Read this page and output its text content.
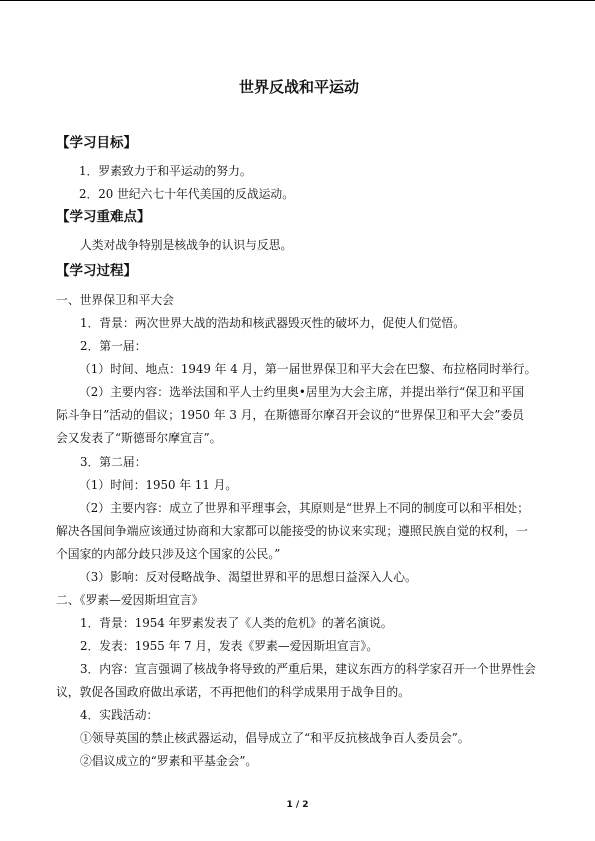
世界反战和平运动
【学习目标】
1．罗素致力于和平运动的努力。
2．20 世纪六七十年代美国的反战运动。
【学习重难点】
人类对战争特别是核战争的认识与反思。
【学习过程】
一、世界保卫和平大会
1．背景：两次世界大战的浩劫和核武器毁灭性的破坏力，促使人们觉悟。
2．第一届：
（1）时间、地点：1949 年 4 月，第一届世界保卫和平大会在巴黎、布拉格同时举行。
（2）主要内容：选举法国和平人士约里奥•居里为大会主席，并提出举行“保卫和平国
际斗争日”活动的倡议；1950 年 3 月，在斯德哥尔摩召开会议的“世界保卫和平大会”委员
会又发表了“斯德哥尔摩宣言”。
3．第二届：
（1）时间：1950 年 11 月。
（2）主要内容：成立了世界和平理事会，其原则是“世界上不同的制度可以和平相处；
解决各国间争端应该通过协商和大家都可以能接受的协议来实现；遵照民族自觉的权利，一
个国家的内部分歧只涉及这个国家的公民。”
（3）影响：反对侵略战争、渴望世界和平的思想日益深入人心。
二、《罗素—爱因斯坦宣言》
1．背景：1954 年罗素发表了《人类的危机》的著名演说。
2．发表：1955 年 7 月，发表《罗素—爱因斯坦宣言》。
3．内容：宣言强调了核战争将导致的严重后果，建议东西方的科学家召开一个世界性会
议，敦促各国政府做出承诺，不再把他们的科学成果用于战争目的。
4．实践活动：
①领导英国的禁止核武器运动，倡导成立了“和平反抗核战争百人委员会”。
②倡议成立的“罗素和平基金会”。
1 / 2
